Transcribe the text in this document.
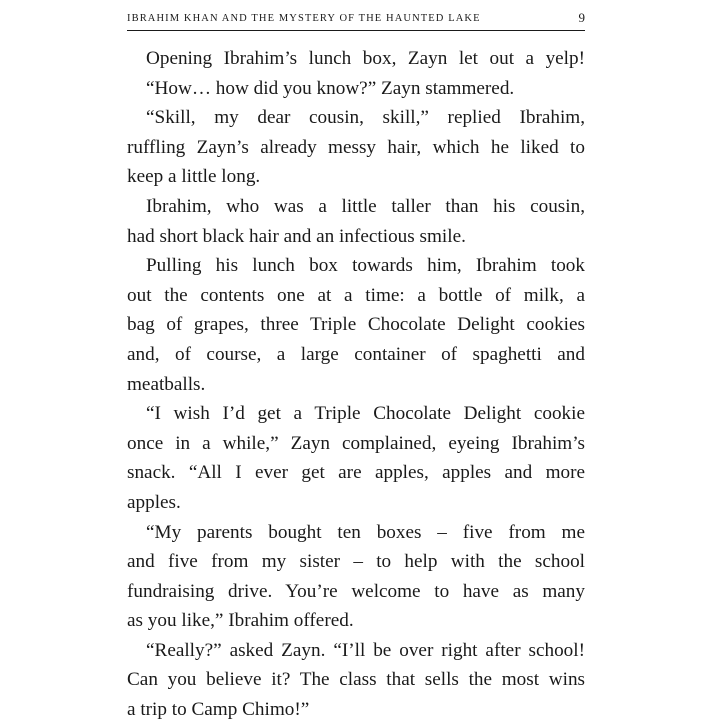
IBRAHIM KHAN AND THE MYSTERY OF THE HAUNTED LAKE	9
Opening Ibrahim’s lunch box, Zayn let out a yelp!
“How… how did you know?” Zayn stammered.
“Skill, my dear cousin, skill,” replied Ibrahim,
ruffling Zayn’s already messy hair, which he liked to
keep a little long.
Ibrahim, who was a little taller than his cousin,
had short black hair and an infectious smile.
Pulling his lunch box towards him, Ibrahim took
out the contents one at a time: a bottle of milk, a
bag of grapes, three Triple Chocolate Delight cookies
and, of course, a large container of spaghetti and
meatballs.
“I wish I’d get a Triple Chocolate Delight cookie
once in a while,” Zayn complained, eyeing Ibrahim’s
snack. “All I ever get are apples, apples and more
apples.
“My parents bought ten boxes – five from me
and five from my sister – to help with the school
fundraising drive. You’re welcome to have as many
as you like,” Ibrahim offered.
“Really?” asked Zayn. “I’ll be over right after school!
Can you believe it? The class that sells the most wins
a trip to Camp Chimo!”
